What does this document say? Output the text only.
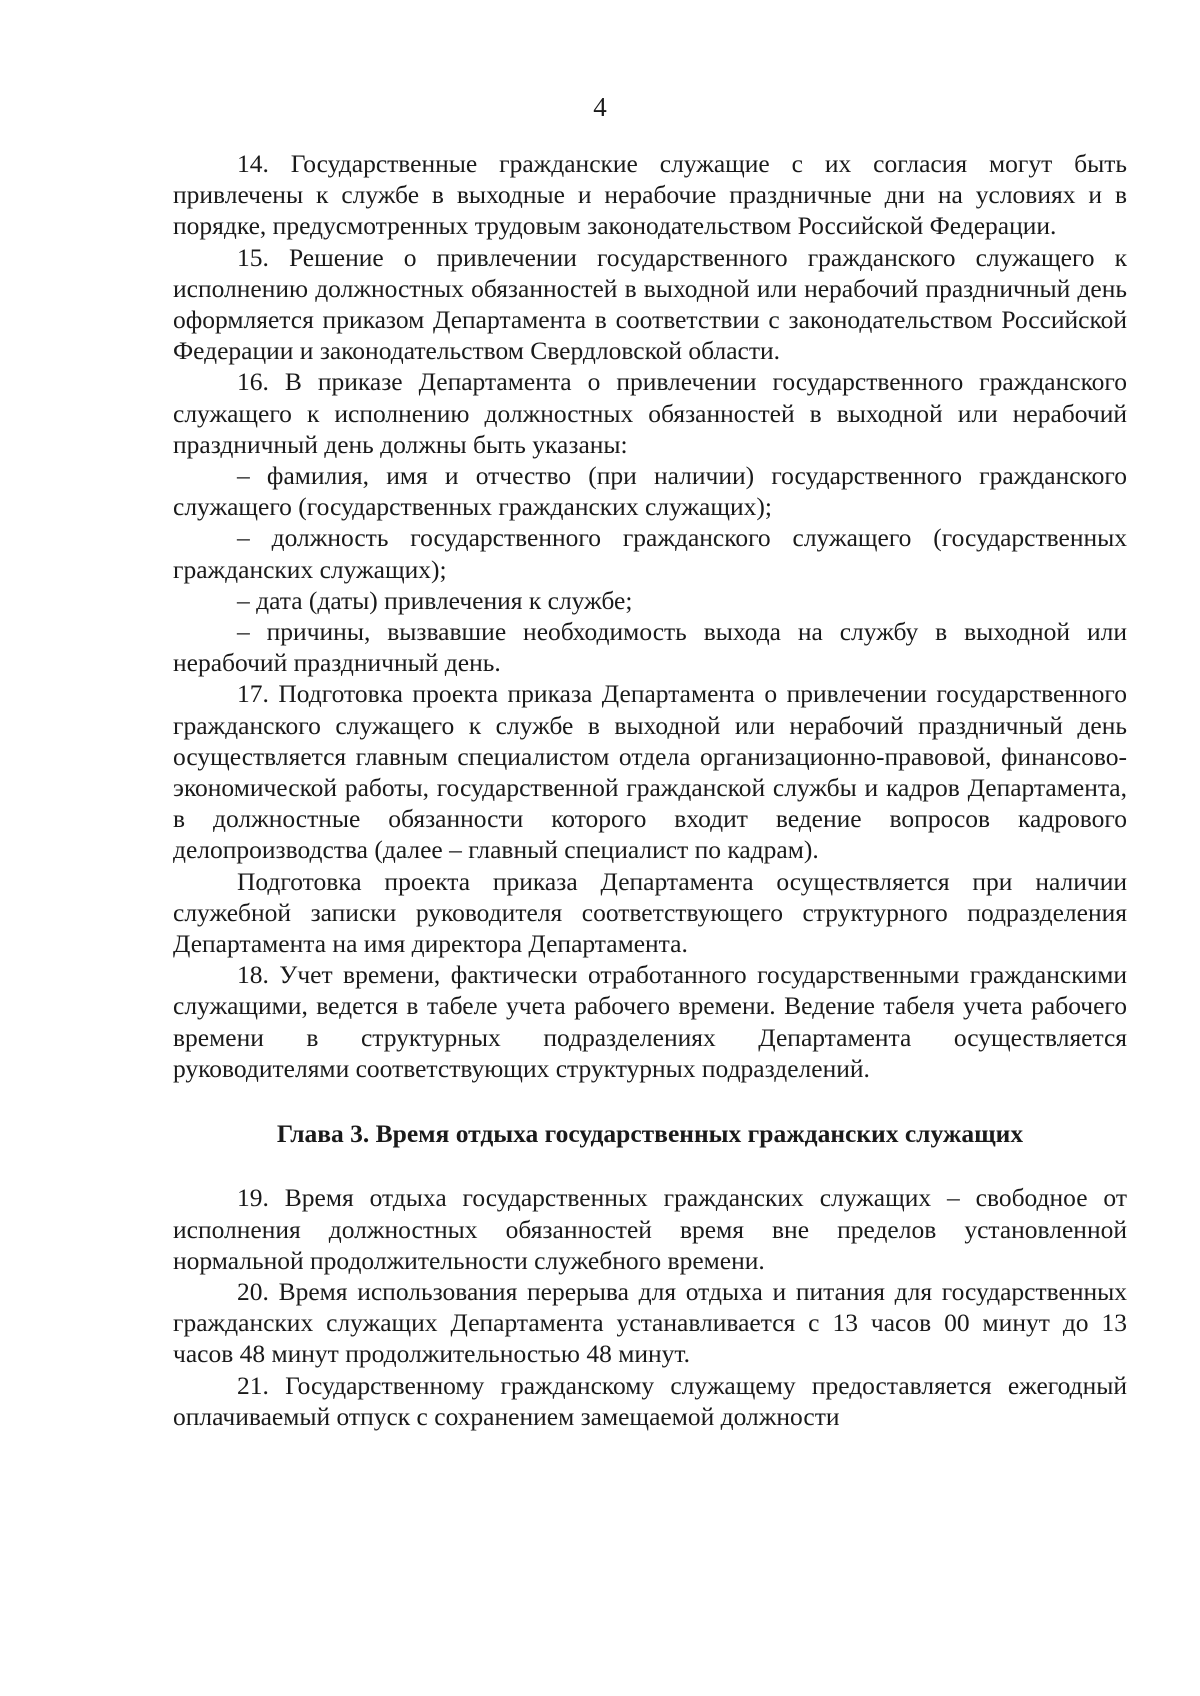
4

14. Государственные гражданские служащие с их согласия могут быть привлечены к службе в выходные и нерабочие праздничные дни на условиях и в порядке, предусмотренных трудовым законодательством Российской Федерации.

15. Решение о привлечении государственного гражданского служащего к исполнению должностных обязанностей в выходной или нерабочий праздничный день оформляется приказом Департамента в соответствии с законодательством Российской Федерации и законодательством Свердловской области.

16. В приказе Департамента о привлечении государственного гражданского служащего к исполнению должностных обязанностей в выходной или нерабочий праздничный день должны быть указаны:

– фамилия, имя и отчество (при наличии) государственного гражданского служащего (государственных гражданских служащих);

– должность государственного гражданского служащего (государственных гражданских служащих);

– дата (даты) привлечения к службе;

– причины, вызвавшие необходимость выхода на службу в выходной или нерабочий праздничный день.

17. Подготовка проекта приказа Департамента о привлечении государственного гражданского служащего к службе в выходной или нерабочий праздничный день осуществляется главным специалистом отдела организационно-правовой, финансово-экономической работы, государственной гражданской службы и кадров Департамента, в должностные обязанности которого входит ведение вопросов кадрового делопроизводства (далее – главный специалист по кадрам).

Подготовка проекта приказа Департамента осуществляется при наличии служебной записки руководителя соответствующего структурного подразделения Департамента на имя директора Департамента.

18. Учет времени, фактически отработанного государственными гражданскими служащими, ведется в табеле учета рабочего времени. Ведение табеля учета рабочего времени в структурных подразделениях Департамента осуществляется руководителями соответствующих структурных подразделений.

Глава 3. Время отдыха государственных гражданских служащих

19. Время отдыха государственных гражданских служащих – свободное от исполнения должностных обязанностей время вне пределов установленной нормальной продолжительности служебного времени.

20. Время использования перерыва для отдыха и питания для государственных гражданских служащих Департамента устанавливается с 13 часов 00 минут до 13 часов 48 минут продолжительностью 48 минут.

21. Государственному гражданскому служащему предоставляется ежегодный оплачиваемый отпуск с сохранением замещаемой должности
